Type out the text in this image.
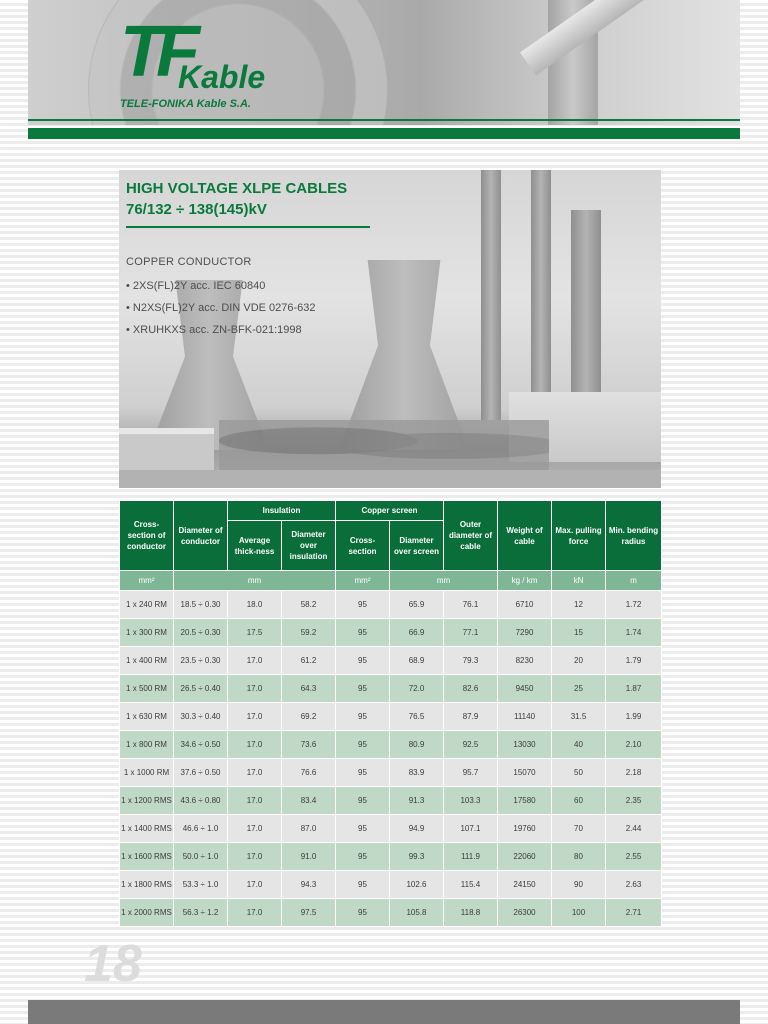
TF
Kable
TELE-FONIKA Kable S.A.
HIGH VOLTAGE XLPE CABLES
76/132 ÷ 138(145)kV
COPPER CONDUCTOR
• 2XS(FL)2Y acc. IEC 60840
• N2XS(FL)2Y acc. DIN VDE 0276-632
• XRUHKXS acc. ZN-BFK-021:1998
Cross-section of conductor	Diameter of conductor	Insulation		Copper screen		Outer diameter of cable	Weight of cable	Max. pulling force	Min. bending radius
		Average thick-ness	Diameter over insulation	Cross-section	Diameter over screen				
mm²	mm			mm²	mm		kg / km	kN	m
1 x 240 RM	18.5 ÷ 0.30	18.0	58.2	95	65.9	76.1	6710	12	1.72
1 x 300 RM	20.5 ÷ 0.30	17.5	59.2	95	66.9	77.1	7290	15	1.74
1 x 400 RM	23.5 ÷ 0.30	17.0	61.2	95	68.9	79.3	8230	20	1.79
1 x 500 RM	26.5 ÷ 0.40	17.0	64.3	95	72.0	82.6	9450	25	1.87
1 x 630 RM	30.3 ÷ 0.40	17.0	69.2	95	76.5	87.9	11140	31.5	1.99
1 x 800 RM	34.6 ÷ 0.50	17.0	73.6	95	80.9	92.5	13030	40	2.10
1 x 1000 RM	37.6 ÷ 0.50	17.0	76.6	95	83.9	95.7	15070	50	2.18
1 x 1200 RMS	43.6 ÷ 0.80	17.0	83.4	95	91.3	103.3	17580	60	2.35
1 x 1400 RMS	46.6 ÷ 1.0	17.0	87.0	95	94.9	107.1	19760	70	2.44
1 x 1600 RMS	50.0 ÷ 1.0	17.0	91.0	95	99.3	111.9	22060	80	2.55
1 x 1800 RMS	53.3 ÷ 1.0	17.0	94.3	95	102.6	115.4	24150	90	2.63
1 x 2000 RMS	56.3 ÷ 1.2	17.0	97.5	95	105.8	118.8	26300	100	2.71
18
